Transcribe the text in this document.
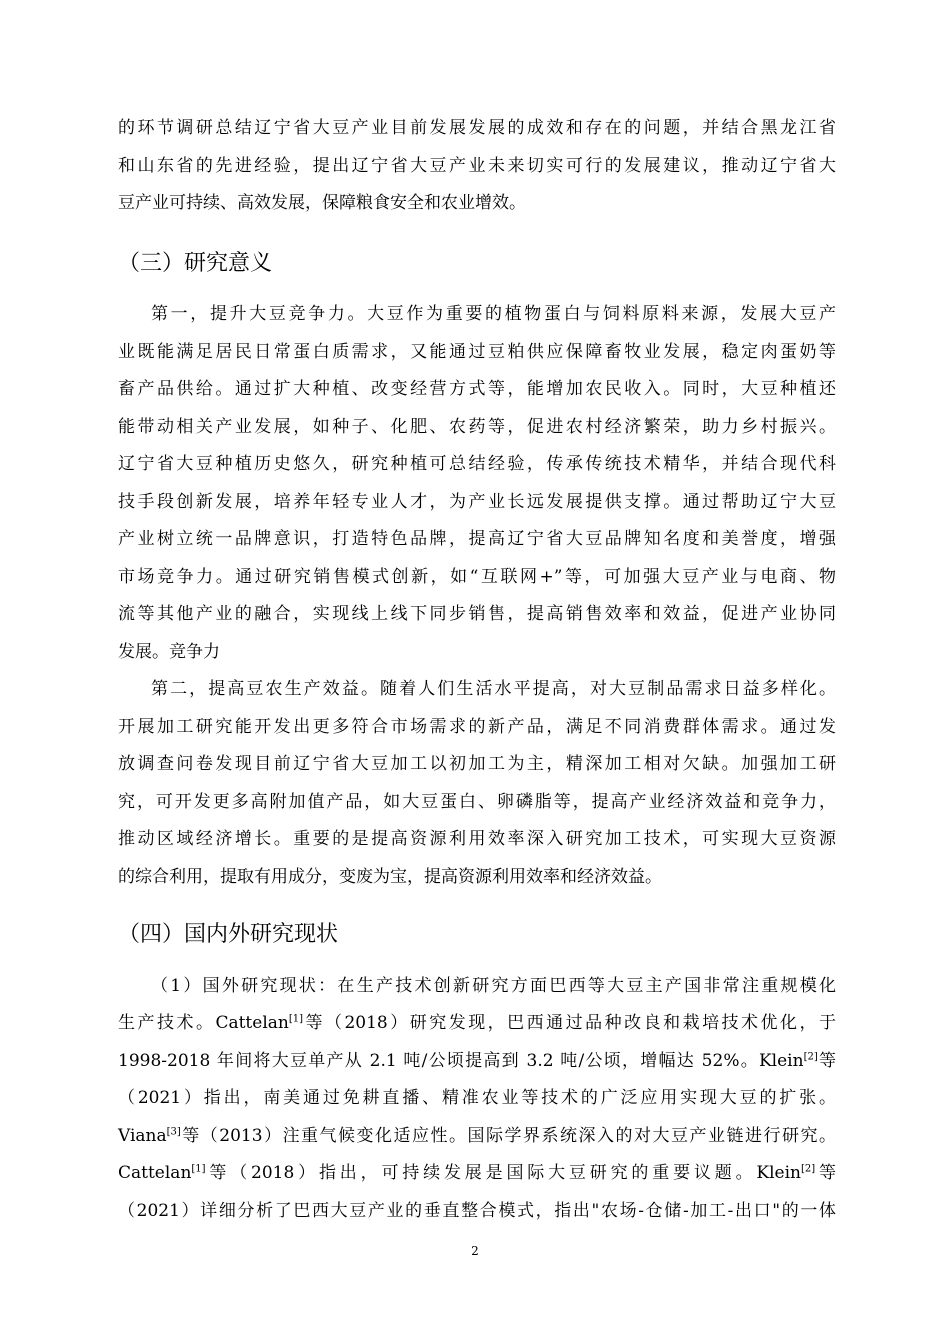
的环节调研总结辽宁省大豆产业目前发展发展的成效和存在的问题，并结合黑龙江省
和山东省的先进经验，提出辽宁省大豆产业未来切实可行的发展建议，推动辽宁省大
豆产业可持续、高效发展，保障粮食安全和农业增效。
（三）研究意义
第一，提升大豆竞争力。大豆作为重要的植物蛋白与饲料原料来源，发展大豆产
业既能满足居民日常蛋白质需求，又能通过豆粕供应保障畜牧业发展，稳定肉蛋奶等
畜产品供给。通过扩大种植、改变经营方式等，能增加农民收入。同时，大豆种植还
能带动相关产业发展，如种子、化肥、农药等，促进农村经济繁荣，助力乡村振兴。
辽宁省大豆种植历史悠久，研究种植可总结经验，传承传统技术精华，并结合现代科
技手段创新发展，培养年轻专业人才，为产业长远发展提供支撑。通过帮助辽宁大豆
产业树立统一品牌意识，打造特色品牌，提高辽宁省大豆品牌知名度和美誉度，增强
市场竞争力。通过研究销售模式创新，如“互联网+”等，可加强大豆产业与电商、物
流等其他产业的融合，实现线上线下同步销售，提高销售效率和效益，促进产业协同
发展。竞争力
第二，提高豆农生产效益。随着人们生活水平提高，对大豆制品需求日益多样化。
开展加工研究能开发出更多符合市场需求的新产品，满足不同消费群体需求。通过发
放调查问卷发现目前辽宁省大豆加工以初加工为主，精深加工相对欠缺。加强加工研
究，可开发更多高附加值产品，如大豆蛋白、卵磷脂等，提高产业经济效益和竞争力，
推动区域经济增长。重要的是提高资源利用效率深入研究加工技术，可实现大豆资源
的综合利用，提取有用成分，变废为宝，提高资源利用效率和经济效益。
（四）国内外研究现状
（1）国外研究现状：在生产技术创新研究方面巴西等大豆主产国非常注重规模化
生产技术。Cattelan[1]等（2018）研究发现，巴西通过品种改良和栽培技术优化，于
1998-2018 年间将大豆单产从 2.1 吨/公顷提高到 3.2 吨/公顷，增幅达 52%。Klein[2]等
（2021）指出，南美通过免耕直播、精准农业等技术的广泛应用实现大豆的扩张。
Viana[3]等（2013）注重气候变化适应性。国际学界系统深入的对大豆产业链进行研究。
Cattelan[1]等（2018）指出，可持续发展是国际大豆研究的重要议题。Klein[2]等
（2021）详细分析了巴西大豆产业的垂直整合模式，指出"农场-仓储-加工-出口"的一体
2
